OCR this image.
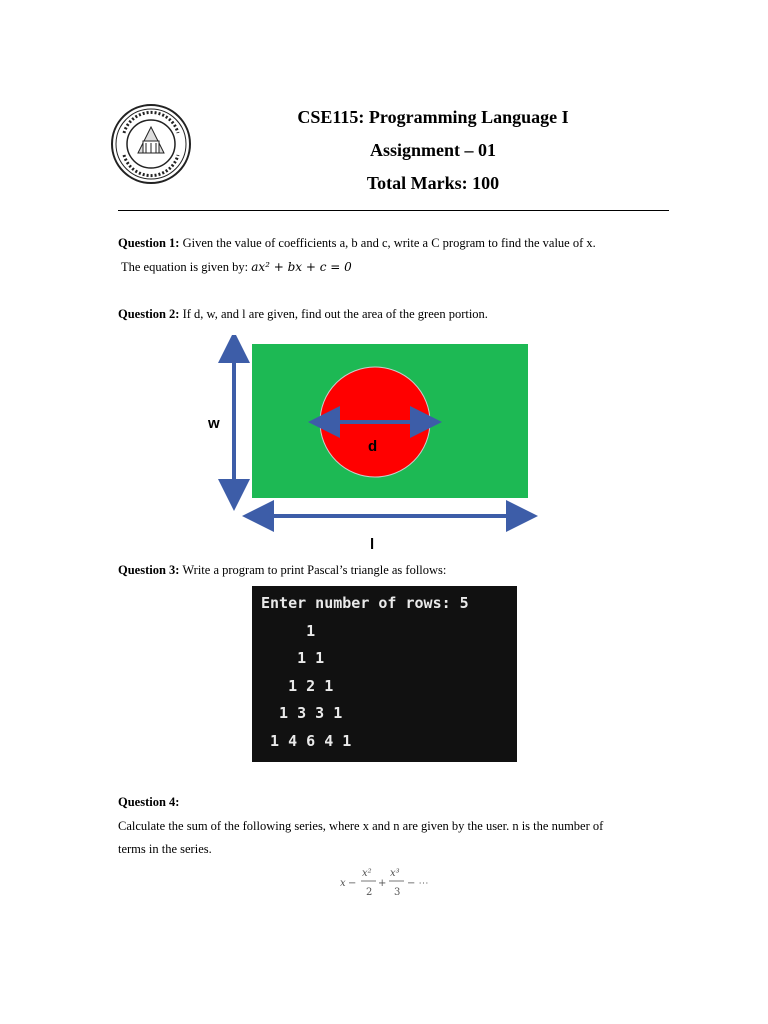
CSE115: Programming Language I
Assignment – 01
Total Marks: 100
Question 1: Given the value of coefficients a, b and c, write a C program to find the value of x.
The equation is given by: ax² + bx + c = 0
Question 2: If d, w, and l are given, find out the area of the green portion.
w
d
l
Question 3: Write a program to print Pascal’s triangle as follows:
Enter number of rows: 5
1
1 1
1 2 1
1 3 3 1
1 4 6 4 1
Question 4:
Calculate the sum of the following series, where x and n are given by the user. n is the number of
terms in the series.
x −
x²
2
+
x³
3
− ⋯
